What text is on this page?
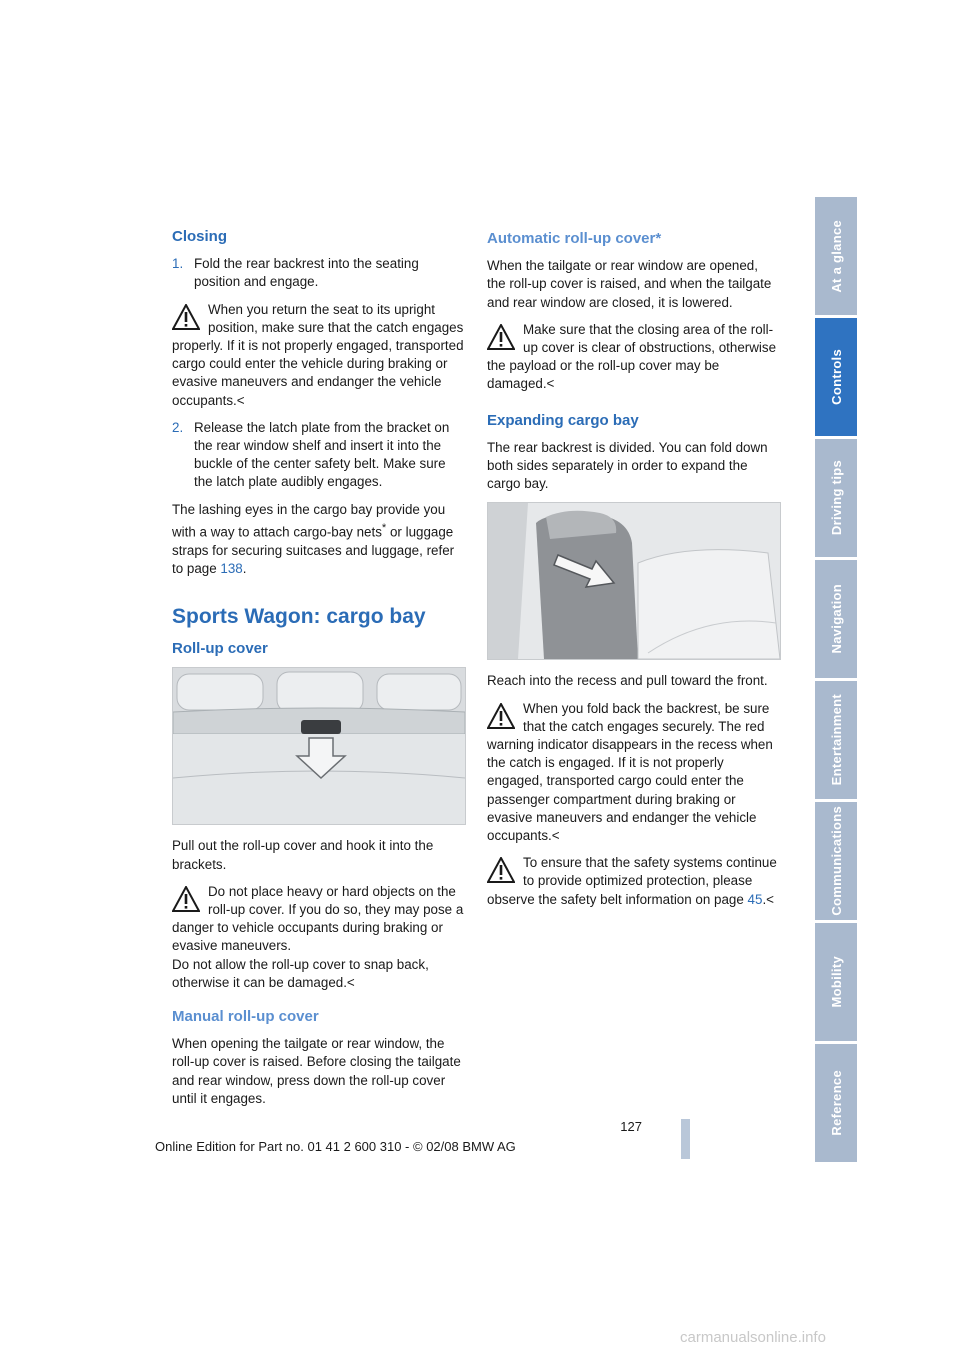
Closing
1. Fold the rear backrest into the seating position and engage.
When you return the seat to its upright position, make sure that the catch engages properly. If it is not properly engaged, transported cargo could enter the vehicle during braking or evasive maneuvers and endanger the vehicle occupants.<
2. Release the latch plate from the bracket on the rear window shelf and insert it into the buckle of the center safety belt. Make sure the latch plate audibly engages.

The lashing eyes in the cargo bay provide you with a way to attach cargo-bay nets* or luggage straps for securing suitcases and luggage, refer to page 138.

Sports Wagon: cargo bay
Roll-up cover

Pull out the roll-up cover and hook it into the brackets.

Do not place heavy or hard objects on the roll-up cover. If you do so, they may pose a danger to vehicle occupants during braking or evasive maneuvers.

Do not allow the roll-up cover to snap back, otherwise it can be damaged.<

Manual roll-up cover

When opening the tailgate or rear window, the roll-up cover is raised. Before closing the tailgate and rear window, press down the roll-up cover until it engages.

Automatic roll-up cover*

When the tailgate or rear window are opened, the roll-up cover is raised, and when the tailgate and rear window are closed, it is lowered.

Make sure that the closing area of the roll-up cover is clear of obstructions, otherwise the payload or the roll-up cover may be damaged.<
Expanding cargo bay

The rear backrest is divided. You can fold down both sides separately in order to expand the cargo bay.

Reach into the recess and pull toward the front.

When you fold back the backrest, be sure that the catch engages securely. The red warning indicator disappears in the recess when the catch is engaged. If it is not properly engaged, transported cargo could enter the passenger compartment during braking or evasive maneuvers and endanger the vehicle occupants.<
To ensure that the safety systems continue to provide optimized protection, please observe the safety belt information on page 45.<
At a glance
Controls
Driving tips
Navigation
Entertainment
Communications
Mobility
Reference
127
Online Edition for Part no. 01 41 2 600 310 - © 02/08 BMW AG
carmanualsonline.info
